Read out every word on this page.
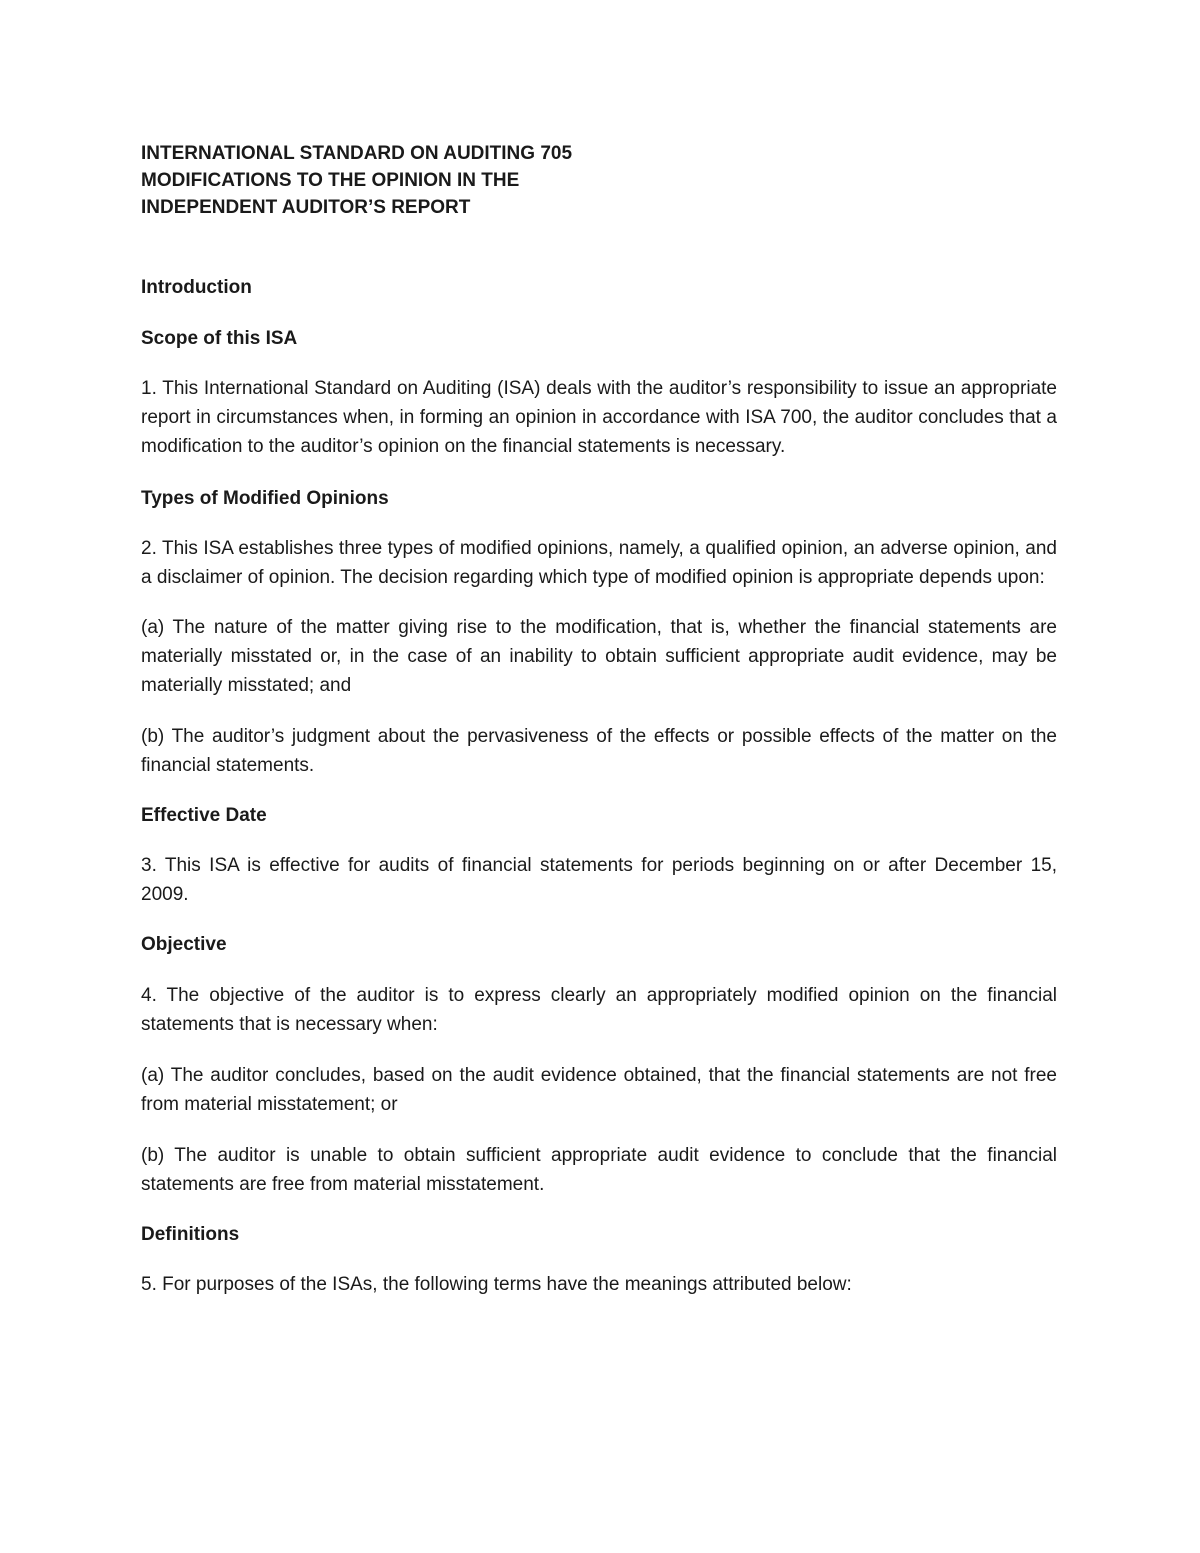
INTERNATIONAL STANDARD ON AUDITING 705
MODIFICATIONS TO THE OPINION IN THE
INDEPENDENT AUDITOR’S REPORT

Introduction

Scope of this ISA

1. This International Standard on Auditing (ISA) deals with the auditor’s responsibility to issue an appropriate report in circumstances when, in forming an opinion in accordance with ISA 700, the auditor concludes that a modification to the auditor’s opinion on the financial statements is necessary.

Types of Modified Opinions

2. This ISA establishes three types of modified opinions, namely, a qualified opinion, an adverse opinion, and a disclaimer of opinion. The decision regarding which type of modified opinion is appropriate depends upon:

(a) The nature of the matter giving rise to the modification, that is, whether the financial statements are materially misstated or, in the case of an inability to obtain sufficient appropriate audit evidence, may be materially misstated; and

(b) The auditor’s judgment about the pervasiveness of the effects or possible effects of the matter on the financial statements.

Effective Date

3. This ISA is effective for audits of financial statements for periods beginning on or after December 15, 2009.

Objective

4. The objective of the auditor is to express clearly an appropriately modified opinion on the financial statements that is necessary when:

(a) The auditor concludes, based on the audit evidence obtained, that the financial statements are not free from material misstatement; or

(b) The auditor is unable to obtain sufficient appropriate audit evidence to conclude that the financial statements are free from material misstatement.

Definitions

5. For purposes of the ISAs, the following terms have the meanings attributed below:
